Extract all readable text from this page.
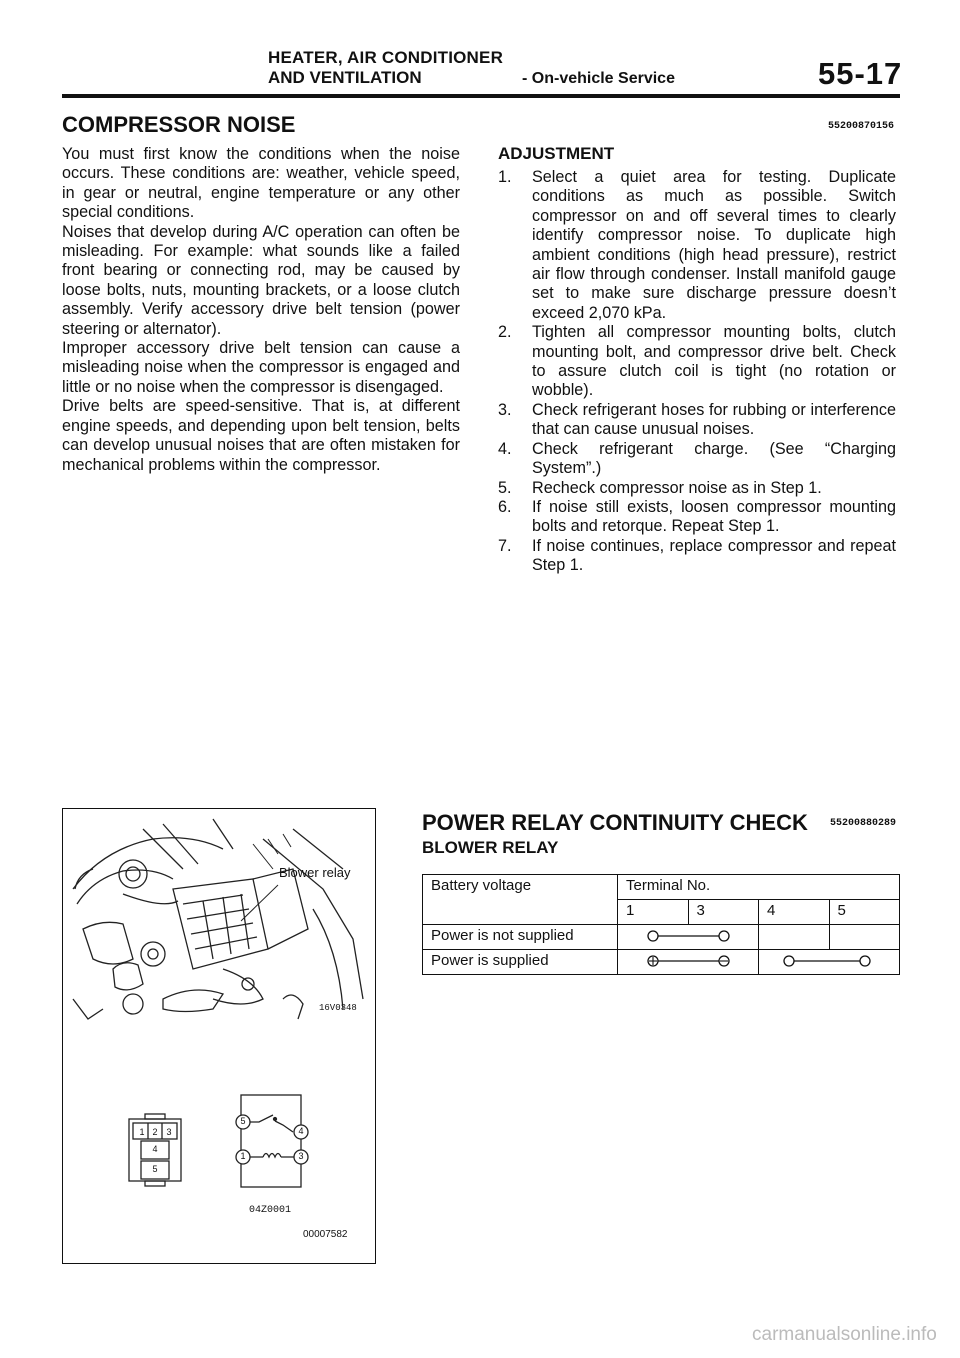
HEATER, AIR CONDITIONER
AND VENTILATION	- On-vehicle Service	55-17
COMPRESSOR NOISE

You must first know the conditions when the noise occurs. These conditions are: weather, vehicle speed, in gear or neutral, engine temperature or any other special conditions.

Noises that develop during A/C operation can often be misleading. For example: what sounds like a failed front bearing or connecting rod, may be caused by loose bolts, nuts, mounting brackets, or a loose clutch assembly. Verify accessory drive belt tension (power steering or alternator).

Improper accessory drive belt tension can cause a misleading noise when the compressor is engaged and little or no noise when the compressor is disengaged.

Drive belts are speed-sensitive. That is, at different engine speeds, and depending upon belt tension, belts can develop unusual noises that are often mistaken for mechanical problems within the compressor.

55200870156
ADJUSTMENT
1. Select a quiet area for testing. Duplicate conditions as much as possible. Switch compressor on and off several times to clearly identify compressor noise. To duplicate high ambient conditions (high head pressure), restrict air flow through condenser. Install manifold gauge set to make sure discharge pressure doesn’t exceed 2,070 kPa.
2. Tighten all compressor mounting bolts, clutch mounting bolt, and compressor drive belt. Check to assure clutch coil is tight (no rotation or wobble).
3. Check refrigerant hoses for rubbing or interference that can cause unusual noises.
4. Check refrigerant charge. (See “Charging System”.)
5. Recheck compressor noise as in Step 1.
6. If noise still exists, loosen compressor mounting bolts and retorque. Repeat Step 1.
7. If noise continues, replace compressor and repeat Step 1.
Blower relay
16V0348
1 2 3
4
5
5
4
1	3
04Z0001
00007582
POWER RELAY CONTINUITY CHECK 55200880289
BLOWER RELAY
Battery voltage	Terminal No.			
	1	3	4	5
Power is not supplied	

Power is supplied	

carmanualsonline.info
